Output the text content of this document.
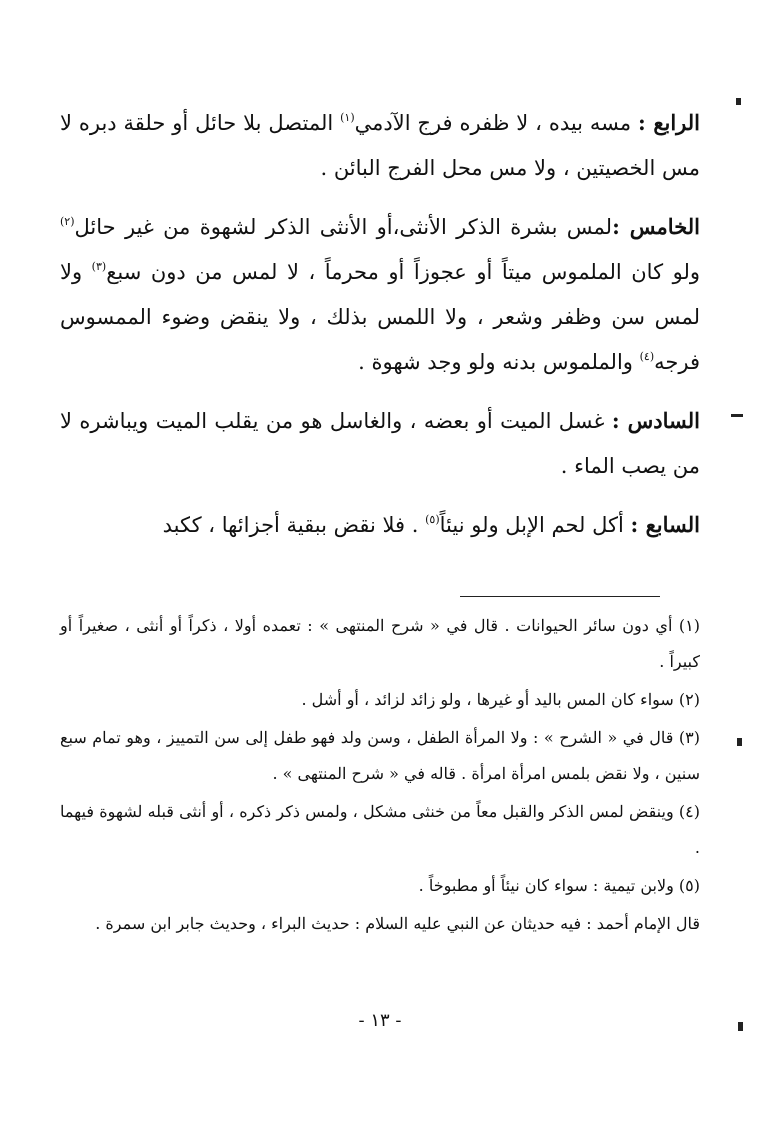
الرابع : مسه بيده ، لا ظفره فرج الآدمي$^{(١)}$ المتصل بلا حائل أو حلقة دبره لا مس الخصيتين ، ولا مس محل الفرج البائن .

الخامس :لمس بشرة الذكر الأنثى،أو الأنثى الذكر لشهوة من غير حائل$^{(٢)}$ ولو كان الملموس ميتاً أو عجوزاً أو محرماً ، لا لمس من دون سبع$^{(٣)}$ ولا لمس سن وظفر وشعر ، ولا اللمس بذلك ، ولا ينقض وضوء الممسوس فرجه$^{(٤)}$ والملموس بدنه ولو وجد شهوة .

السادس : غسل الميت أو بعضه ، والغاسل هو من يقلب الميت ويباشره لا من يصب الماء .

السابع : أكل لحم الإبل ولو نيئاً$^{(٥)}$ . فلا نقض ببقية أجزائها ، ككبد

(١) أي دون سائر الحيوانات . قال في « شرح المنتهى » : تعمده أولا ، ذكراً أو أنثى ، صغيراً أو كبيراً .

(٢) سواء كان المس باليد أو غيرها ، ولو زائد لزائد ، أو أشل .

(٣) قال في « الشرح » : ولا المرأة الطفل ، وسن ولد فهو طفل إلى سن التمييز ، وهو تمام سبع سنين ، ولا نقض بلمس امرأة امرأة . قاله في « شرح المنتهى » .

(٤) وينقض لمس الذكر والقبل معاً من خنثى مشكل ، ولمس ذكر ذكره ، أو أنثى قبله لشهوة فيهما .

(٥) ولابن تيمية : سواء كان نيئاً أو مطبوخاً .

قال الإمام أحمد : فيه حديثان عن النبي عليه السلام : حديث البراء ، وحديث جابر ابن سمرة .

- ١٣ -
